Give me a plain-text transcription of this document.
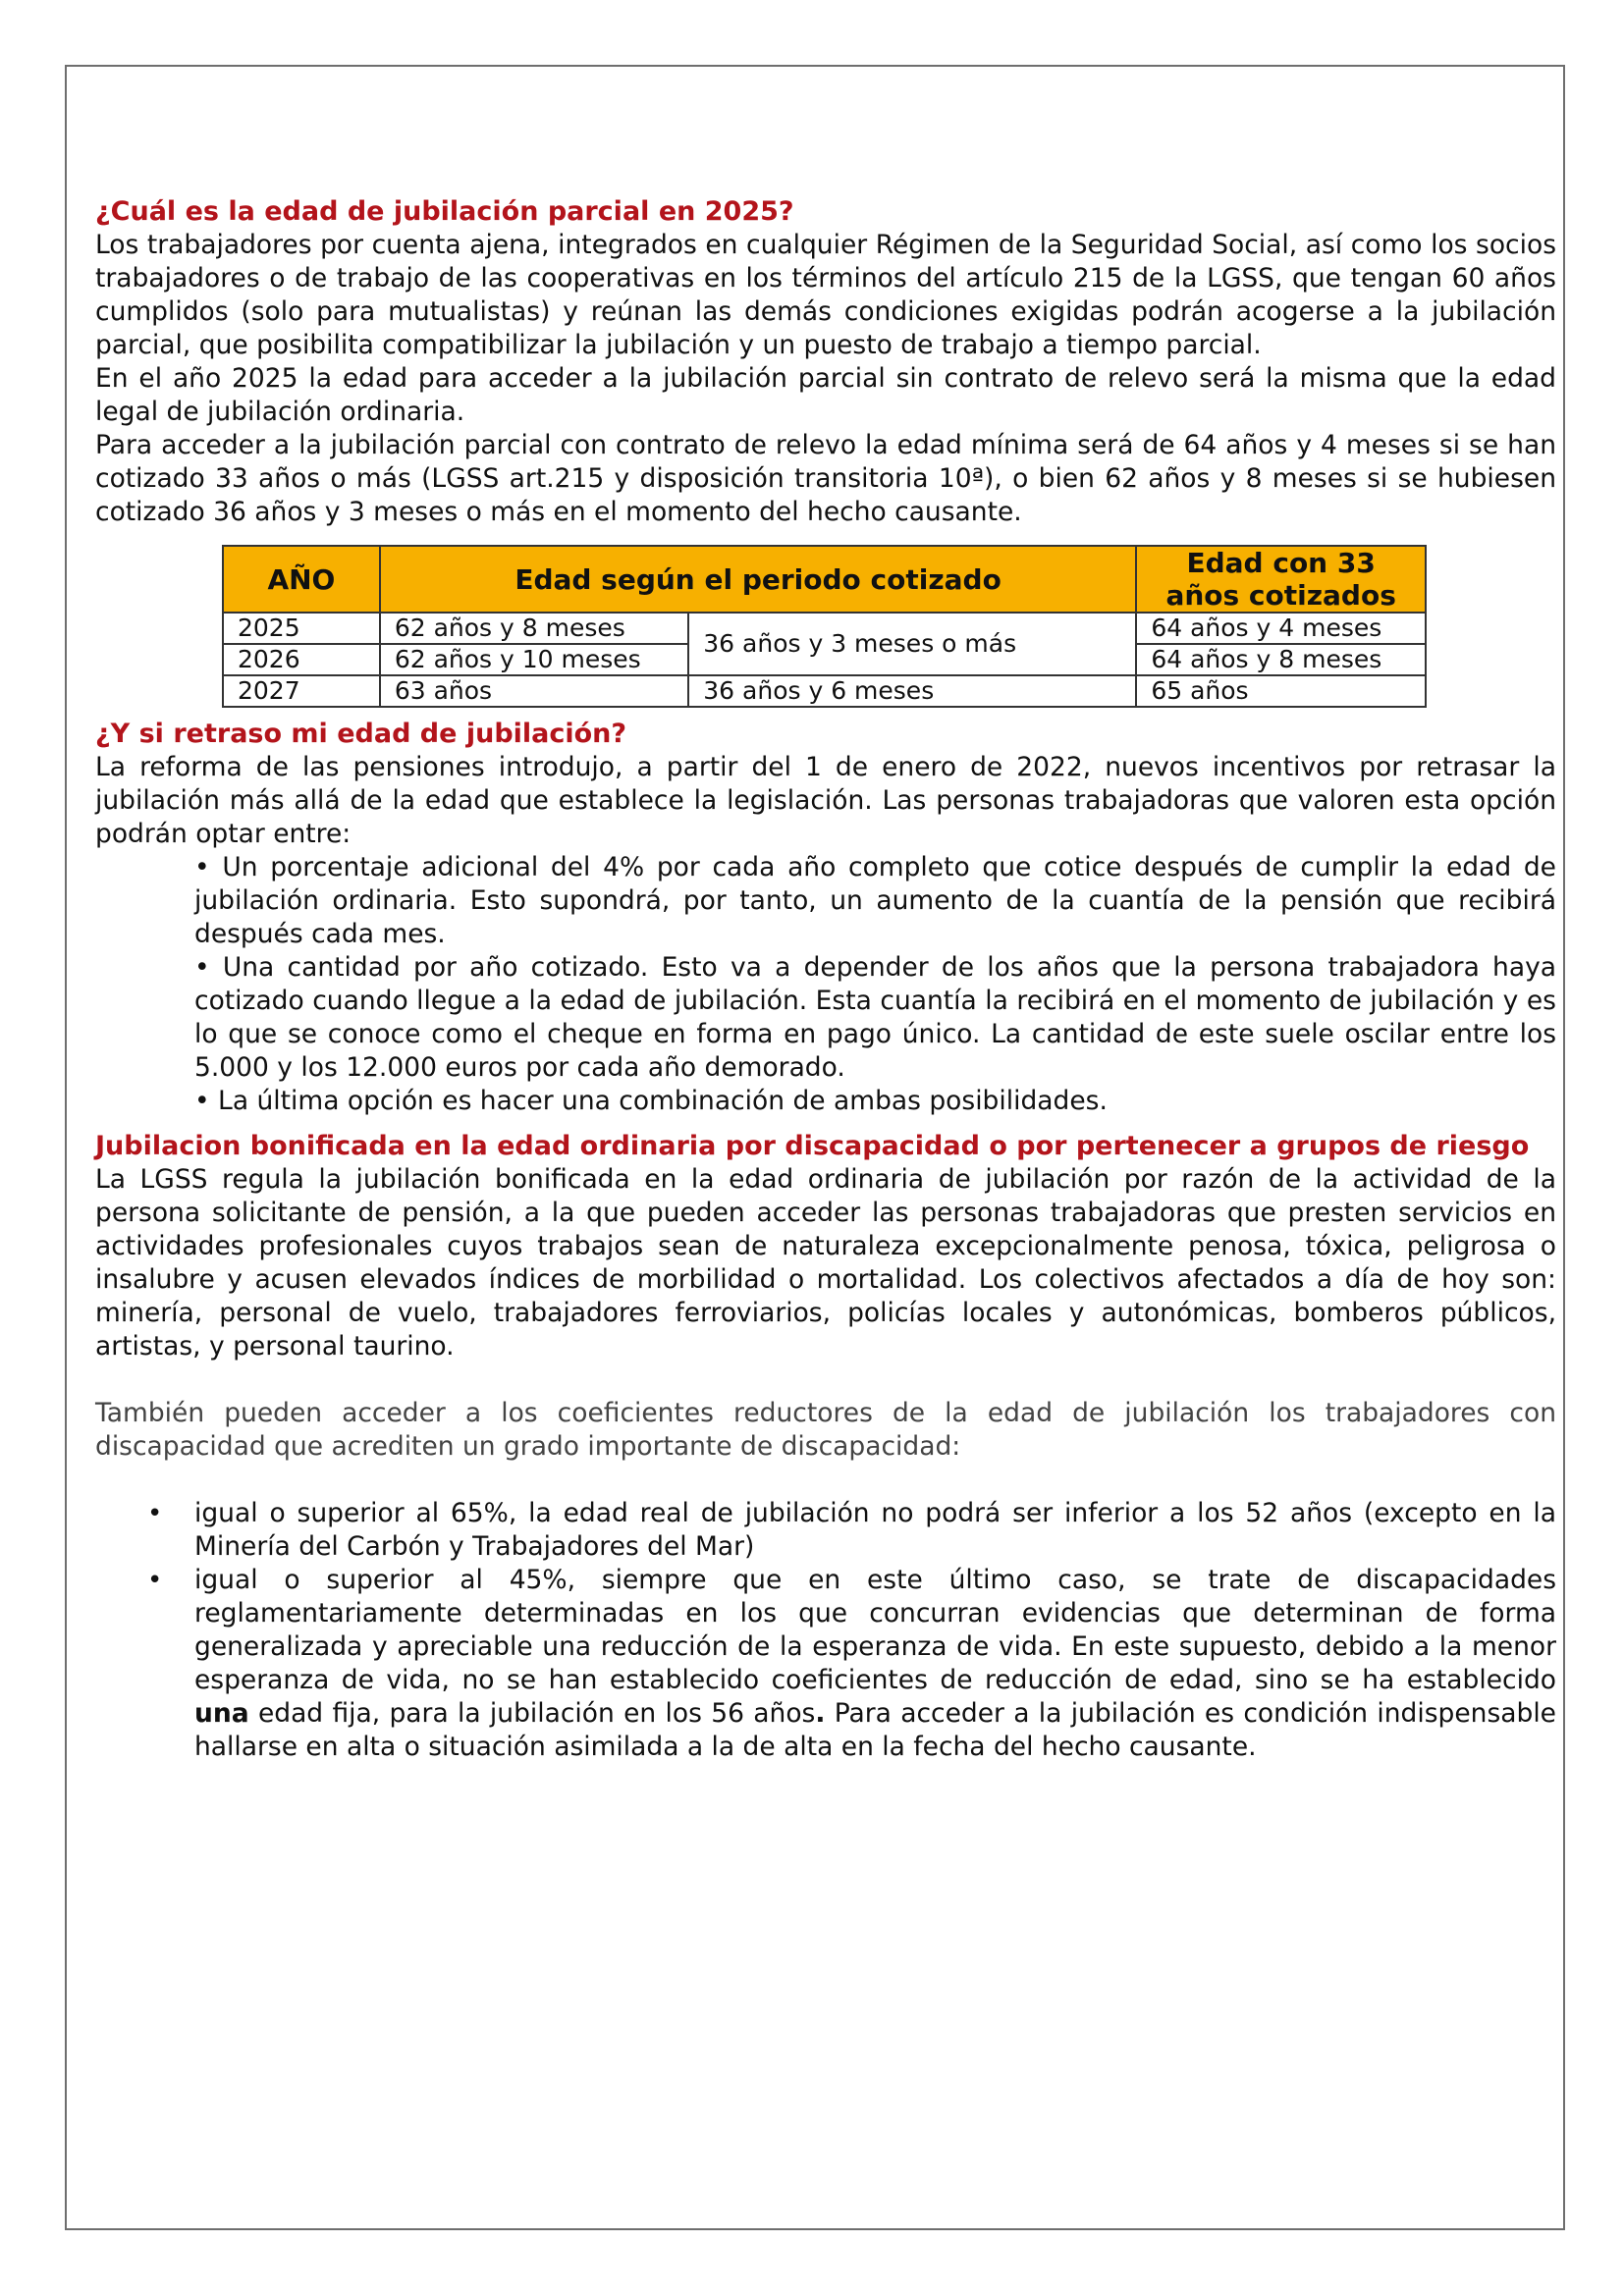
¿Cuál es la edad de jubilación parcial en 2025?

Los trabajadores por cuenta ajena, integrados en cualquier Régimen de la Seguridad Social, así como los socios trabajadores o de trabajo de las cooperativas en los términos del artículo 215 de la LGSS, que tengan 60 años cumplidos (solo para mutualistas) y reúnan las demás condiciones exigidas podrán acogerse a la jubilación parcial, que posibilita compatibilizar la jubilación y un puesto de trabajo a tiempo parcial.

En el año 2025 la edad para acceder a la jubilación parcial sin contrato de relevo será la misma que la edad legal de jubilación ordinaria.

Para acceder a la jubilación parcial con contrato de relevo la edad mínima será de 64 años y 4 meses si se han cotizado 33 años o más (LGSS art.215 y disposición transitoria 10ª), o bien 62 años y 8 meses si se hubiesen cotizado 36 años y 3 meses o más en el momento del hecho causante.

AÑO	Edad según el periodo cotizado		Edad con 33 años cotizados
2025	62 años y 8 meses	36 años y 3 meses o más	64 años y 4 meses
2026	62 años y 10 meses		64 años y 8 meses
2027	63 años	36 años y 6 meses	65 años
¿Y si retraso mi edad de jubilación?

La reforma de las pensiones introdujo, a partir del 1 de enero de 2022, nuevos incentivos por retrasar la jubilación más allá de la edad que establece la legislación. Las personas trabajadoras que valoren esta opción podrán optar entre:

• Un porcentaje adicional del 4% por cada año completo que cotice después de cumplir la edad de jubilación ordinaria. Esto supondrá, por tanto, un aumento de la cuantía de la pensión que recibirá después cada mes.

• Una cantidad por año cotizado. Esto va a depender de los años que la persona trabajadora haya cotizado cuando llegue a la edad de jubilación. Esta cuantía la recibirá en el momento de jubilación y es lo que se conoce como el cheque en forma en pago único. La cantidad de este suele oscilar entre los 5.000 y los 12.000 euros por cada año demorado.

• La última opción es hacer una combinación de ambas posibilidades.

Jubilacion bonificada en la edad ordinaria por discapacidad o por pertenecer a grupos de riesgo

La LGSS regula la jubilación bonificada en la edad ordinaria de jubilación por razón de la actividad de la persona solicitante de pensión, a la que pueden acceder las personas trabajadoras que presten servicios en actividades profesionales cuyos trabajos sean de naturaleza excepcionalmente penosa, tóxica, peligrosa o insalubre y acusen elevados índices de morbilidad o mortalidad. Los colectivos afectados a día de hoy son: minería, personal de vuelo, trabajadores ferroviarios, policías locales y autonómicas, bomberos públicos, artistas, y personal taurino.

También pueden acceder a los coeficientes reductores de la edad de jubilación los trabajadores con discapacidad que acrediten un grado importante de discapacidad:

• igual o superior al 65%, la edad real de jubilación no podrá ser inferior a los 52 años (excepto en la Minería del Carbón y Trabajadores del Mar)
• igual o superior al 45%, siempre que en este último caso, se trate de discapacidades reglamentariamente determinadas en los que concurran evidencias que determinan de forma generalizada y apreciable una reducción de la esperanza de vida. En este supuesto, debido a la menor esperanza de vida, no se han establecido coeficientes de reducción de edad, sino se ha establecido una edad fija, para la jubilación en los 56 años. Para acceder a la jubilación es condición indispensable hallarse en alta o situación asimilada a la de alta en la fecha del hecho causante.
